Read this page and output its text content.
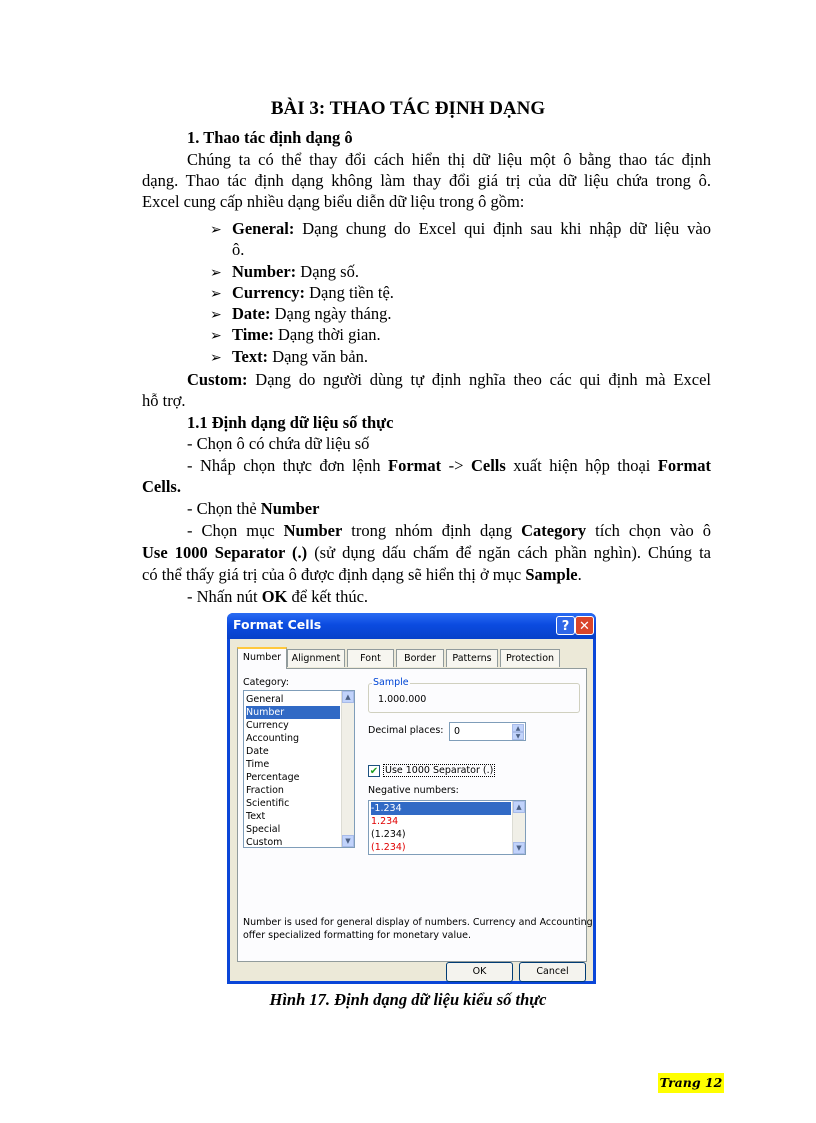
BÀI 3: THAO TÁC ĐỊNH DẠNG
1. Thao tác định dạng ô
Chúng ta có thể thay đổi cách hiển thị dữ liệu một ô bằng thao tác định
dạng. Thao tác định dạng không làm thay đổi giá trị của dữ liệu chứa trong ô.
Excel cung cấp nhiều dạng biểu diễn dữ liệu trong ô gồm:
➢ General: Dạng chung do Excel qui định sau khi nhập dữ liệu vào
ô.
➢ Number: Dạng số.
➢ Currency: Dạng tiền tệ.
➢ Date: Dạng ngày tháng.
➢ Time: Dạng thời gian.
➢ Text: Dạng văn bản.
Custom: Dạng do người dùng tự định nghĩa theo các qui định mà Excel
hỗ trợ.
1.1 Định dạng dữ liệu số thực
- Chọn ô có chứa dữ liệu số
- Nhắp chọn thực đơn lệnh Format -> Cells xuất hiện hộp thoại Format
Cells.
- Chọn thẻ Number
- Chọn mục Number trong nhóm định dạng Category tích chọn vào ô
Use 1000 Separator (.) (sử dụng dấu chấm để ngăn cách phần nghìn). Chúng ta
có thể thấy giá trị của ô được định dạng sẽ hiển thị ở mục Sample.
- Nhấn nút OK để kết thúc.
Format Cells	? ✕
Number	Alignment	Font	Border	Patterns	Protection
Category:
General
Number
Currency
Accounting
Date
Time
Percentage
Fraction
Scientific
Text
Special
Custom
▲
▼
Sample
1.000.000
Decimal places: 0	▲
▼
✔ Use 1000 Separator (.)
Negative numbers:
-1.234
1.234
(1.234)
(1.234)
▲
▼
Number is used for general display of numbers. Currency and Accounting
offer specialized formatting for monetary value.
OK	Cancel
Hình 17. Định dạng dữ liệu kiểu số thực
Trang 12
